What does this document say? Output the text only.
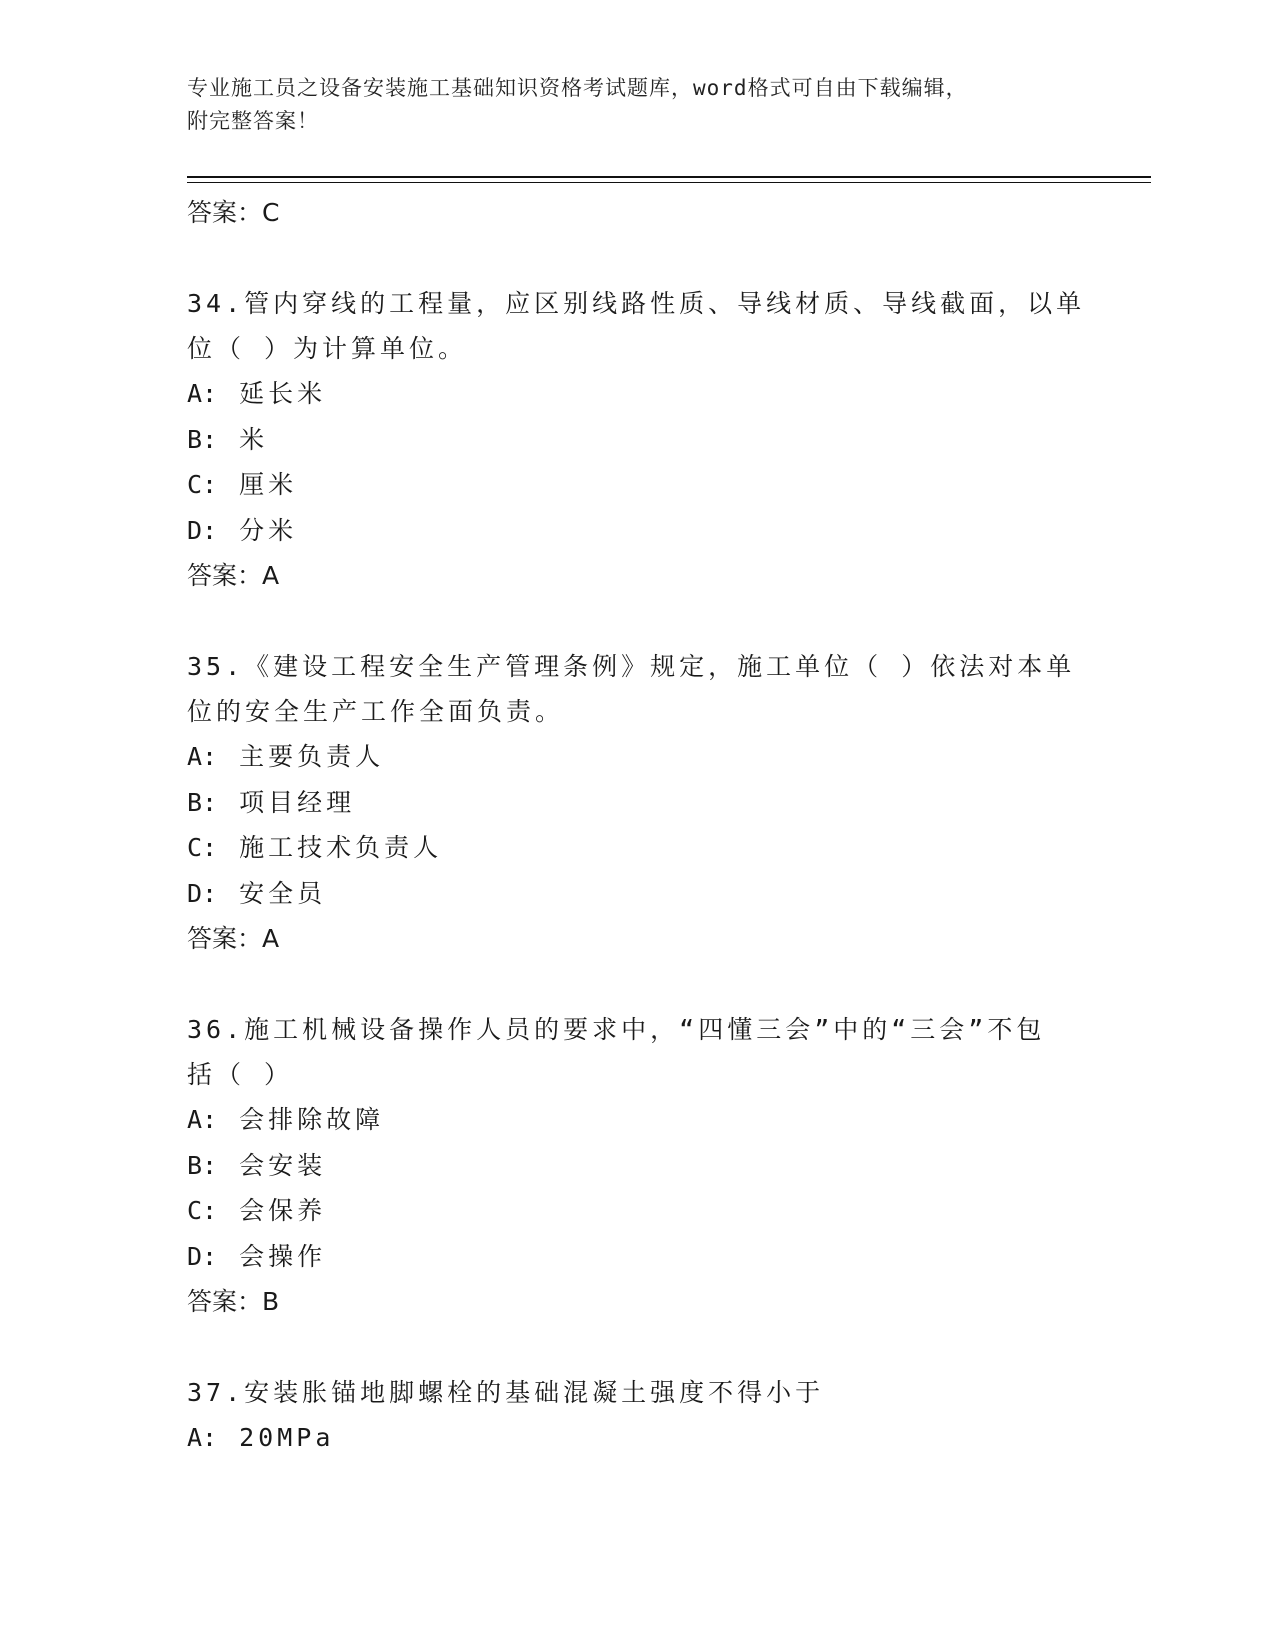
专业施工员之设备安装施工基础知识资格考试题库，word格式可自由下载编辑，
附完整答案！
答案：C
34.管内穿线的工程量，应区别线路性质、导线材质、导线截面，以单
位（ ）为计算单位。
A: 延长米
B: 米
C: 厘米
D: 分米
答案：A
35.《建设工程安全生产管理条例》规定，施工单位（ ）依法对本单
位的安全生产工作全面负责。
A: 主要负责人
B: 项目经理
C: 施工技术负责人
D: 安全员
答案：A
36.施工机械设备操作人员的要求中，“四懂三会”中的“三会”不包
括（ ）
A: 会排除故障
B: 会安装
C: 会保养
D: 会操作
答案：B
37.安装胀锚地脚螺栓的基础混凝土强度不得小于
A: 20MPa
